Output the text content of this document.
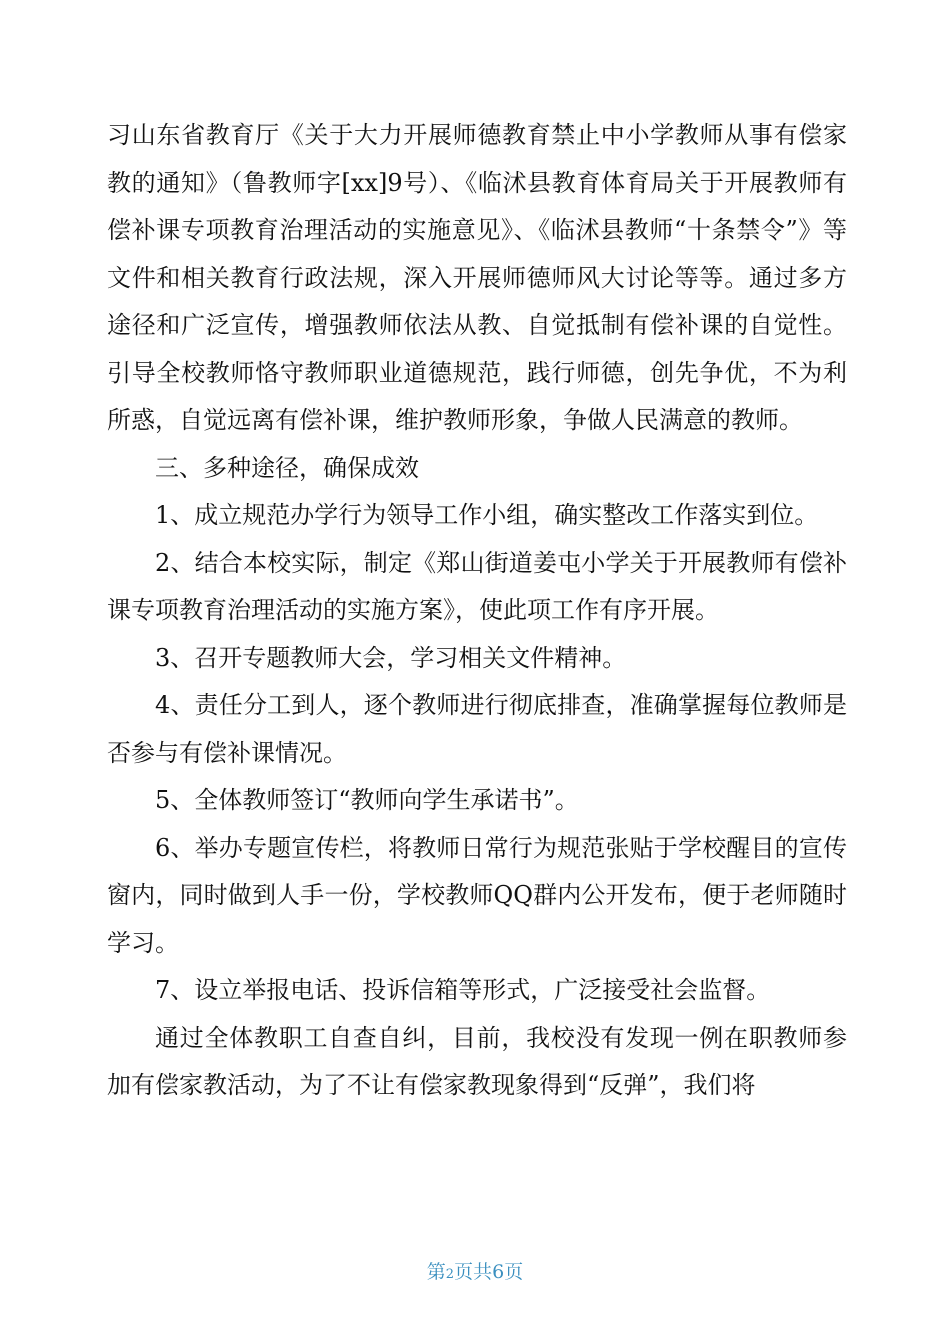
习山东省教育厅《关于大力开展师德教育禁止中小学教师从事有偿家教的通知》（鲁教师字[xx]9号）、《临沭县教育体育局关于开展教师有偿补课专项教育治理活动的实施意见》、《临沭县教师“十条禁令”》等文件和相关教育行政法规，深入开展师德师风大讨论等等。通过多方途径和广泛宣传，增强教师依法从教、自觉抵制有偿补课的自觉性。引导全校教师恪守教师职业道德规范，践行师德，创先争优，不为利所惑，自觉远离有偿补课，维护教师形象，争做人民满意的教师。

三、多种途径，确保成效

1、成立规范办学行为领导工作小组，确实整改工作落实到位。

2、结合本校实际，制定《郑山街道姜屯小学关于开展教师有偿补课专项教育治理活动的实施方案》，使此项工作有序开展。

3、召开专题教师大会，学习相关文件精神。

4、责任分工到人，逐个教师进行彻底排查，准确掌握每位教师是否参与有偿补课情况。

5、全体教师签订“教师向学生承诺书”。

6、举办专题宣传栏，将教师日常行为规范张贴于学校醒目的宣传窗内，同时做到人手一份，学校教师QQ群内公开发布，便于老师随时学习。

7、设立举报电话、投诉信箱等形式，广泛接受社会监督。

通过全体教职工自查自纠，目前，我校没有发现一例在职教师参加有偿家教活动，为了不让有偿家教现象得到“反弹”，我们将

第2页共6页
